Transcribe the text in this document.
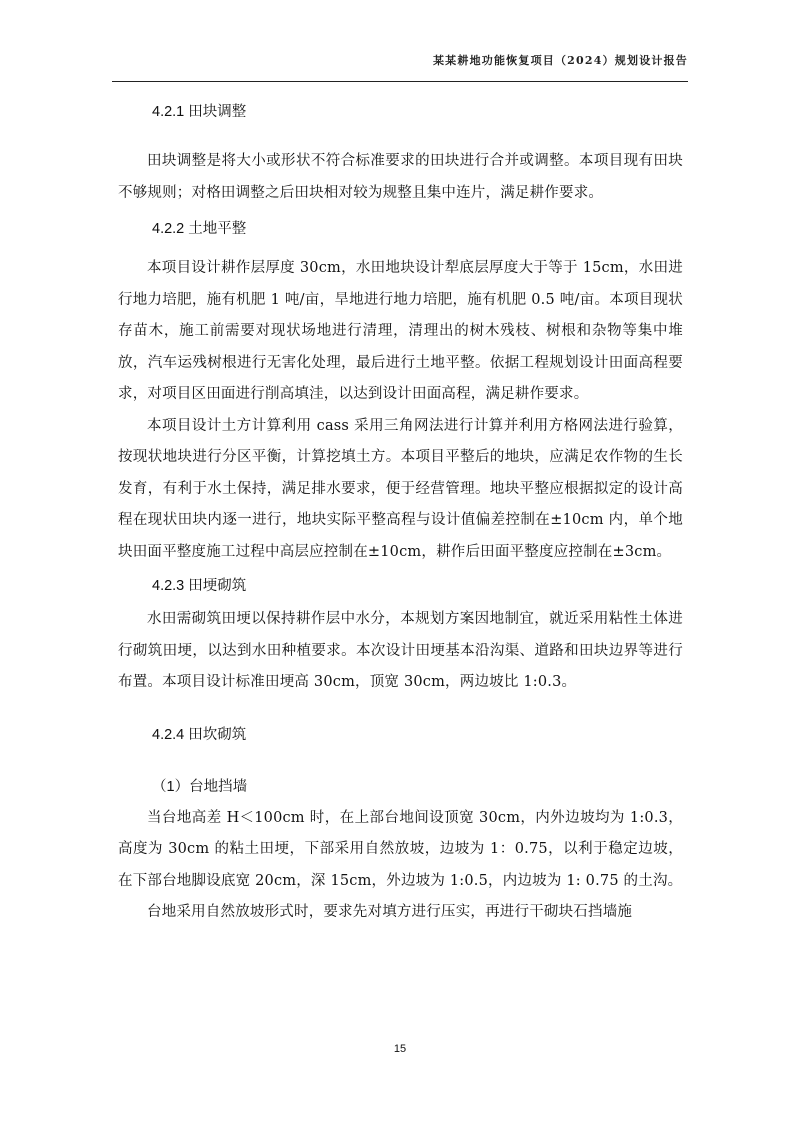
某某耕地功能恢复项目（2024）规划设计报告
4.2.1 田块调整
田块调整是将大小或形状不符合标准要求的田块进行合并或调整。本项目现有田块不够规则；对格田调整之后田块相对较为规整且集中连片，满足耕作要求。
4.2.2 土地平整
本项目设计耕作层厚度 30cm，水田地块设计犁底层厚度大于等于 15cm，水田进行地力培肥，施有机肥 1 吨/亩，旱地进行地力培肥，施有机肥 0.5 吨/亩。本项目现状存苗木，施工前需要对现状场地进行清理，清理出的树木残枝、树根和杂物等集中堆放，汽车运残树根进行无害化处理，最后进行土地平整。依据工程规划设计田面高程要求，对项目区田面进行削高填洼，以达到设计田面高程，满足耕作要求。
本项目设计土方计算利用 cass 采用三角网法进行计算并利用方格网法进行验算，按现状地块进行分区平衡，计算挖填土方。本项目平整后的地块，应满足农作物的生长发育，有利于水土保持，满足排水要求，便于经营管理。地块平整应根据拟定的设计高程在现状田块内逐一进行，地块实际平整高程与设计值偏差控制在±10cm 内，单个地块田面平整度施工过程中高层应控制在±10cm，耕作后田面平整度应控制在±3cm。
4.2.3 田埂砌筑
水田需砌筑田埂以保持耕作层中水分，本规划方案因地制宜，就近采用粘性土体进行砌筑田埂，以达到水田种植要求。本次设计田埂基本沿沟渠、道路和田块边界等进行布置。本项目设计标准田埂高 30cm，顶宽 30cm，两边坡比 1:0.3。
4.2.4 田坎砌筑
（1）台地挡墙
当台地高差 H＜100cm 时，在上部台地间设顶宽 30cm，内外边坡均为 1:0.3，高度为 30cm 的粘土田埂，下部采用自然放坡，边坡为 1：0.75，以利于稳定边坡，在下部台地脚设底宽 20cm，深 15cm，外边坡为 1:0.5，内边坡为 1: 0.75 的土沟。
台地采用自然放坡形式时，要求先对填方进行压实，再进行干砌块石挡墙施
15
